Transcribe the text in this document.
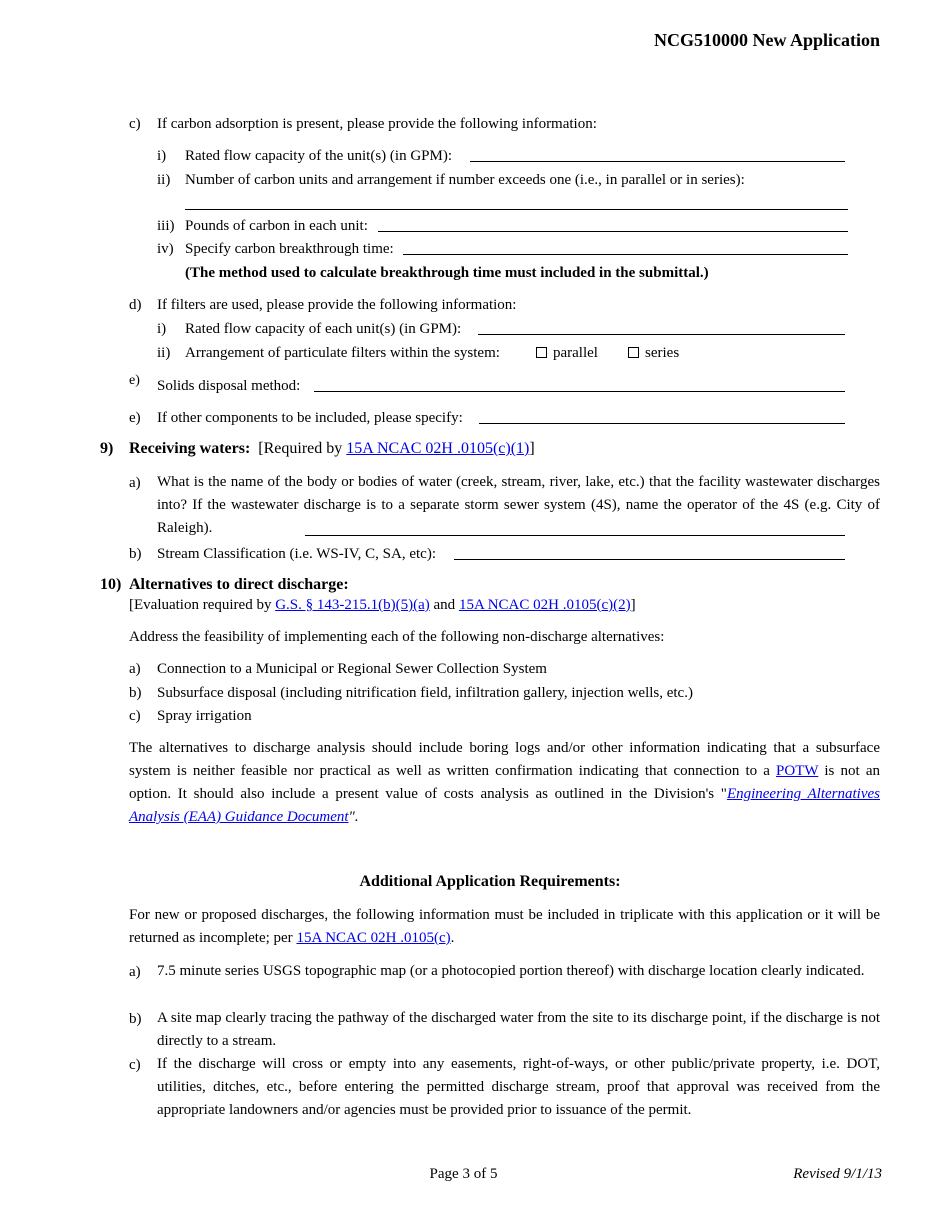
NCG510000 New Application
c) If carbon adsorption is present, please provide the following information:
i) Rated flow capacity of the unit(s) (in GPM):
ii) Number of carbon units and arrangement if number exceeds one (i.e., in parallel or in series):
iii) Pounds of carbon in each unit:
iv) Specify carbon breakthrough time:
(The method used to calculate breakthrough time must included in the submittal.)
d) If filters are used, please provide the following information:
i) Rated flow capacity of each unit(s) (in GPM):
ii) Arrangement of particulate filters within the system:	parallel	series
e) Solids disposal method:
e) If other components to be included, please specify:
9) Receiving waters: [Required by 15A NCAC 02H .0105(c)(1)]
a) What is the name of the body or bodies of water (creek, stream, river, lake, etc.) that the facility wastewater discharges into? If the wastewater discharge is to a separate storm sewer system (4S), name the operator of the 4S (e.g. City of Raleigh).
b) Stream Classification (i.e. WS-IV, C, SA, etc):
10) Alternatives to direct discharge:
[Evaluation required by G.S. § 143-215.1(b)(5)(a) and 15A NCAC 02H .0105(c)(2)]
Address the feasibility of implementing each of the following non-discharge alternatives:
a) Connection to a Municipal or Regional Sewer Collection System
b) Subsurface disposal (including nitrification field, infiltration gallery, injection wells, etc.)
c) Spray irrigation
The alternatives to discharge analysis should include boring logs and/or other information indicating that a subsurface system is neither feasible nor practical as well as written confirmation indicating that connection to a POTW is not an option. It should also include a present value of costs analysis as outlined in the Division's "Engineering Alternatives Analysis (EAA) Guidance Document".
Additional Application Requirements:
For new or proposed discharges, the following information must be included in triplicate with this application or it will be returned as incomplete; per 15A NCAC 02H .0105(c).
a) 7.5 minute series USGS topographic map (or a photocopied portion thereof) with discharge location clearly indicated.
b) A site map clearly tracing the pathway of the discharged water from the site to its discharge point, if the discharge is not directly to a stream.
c) If the discharge will cross or empty into any easements, right-of-ways, or other public/private property, i.e. DOT, utilities, ditches, etc., before entering the permitted discharge stream, proof that approval was received from the appropriate landowners and/or agencies must be provided prior to issuance of the permit.
Page 3 of 5	Revised 9/1/13
